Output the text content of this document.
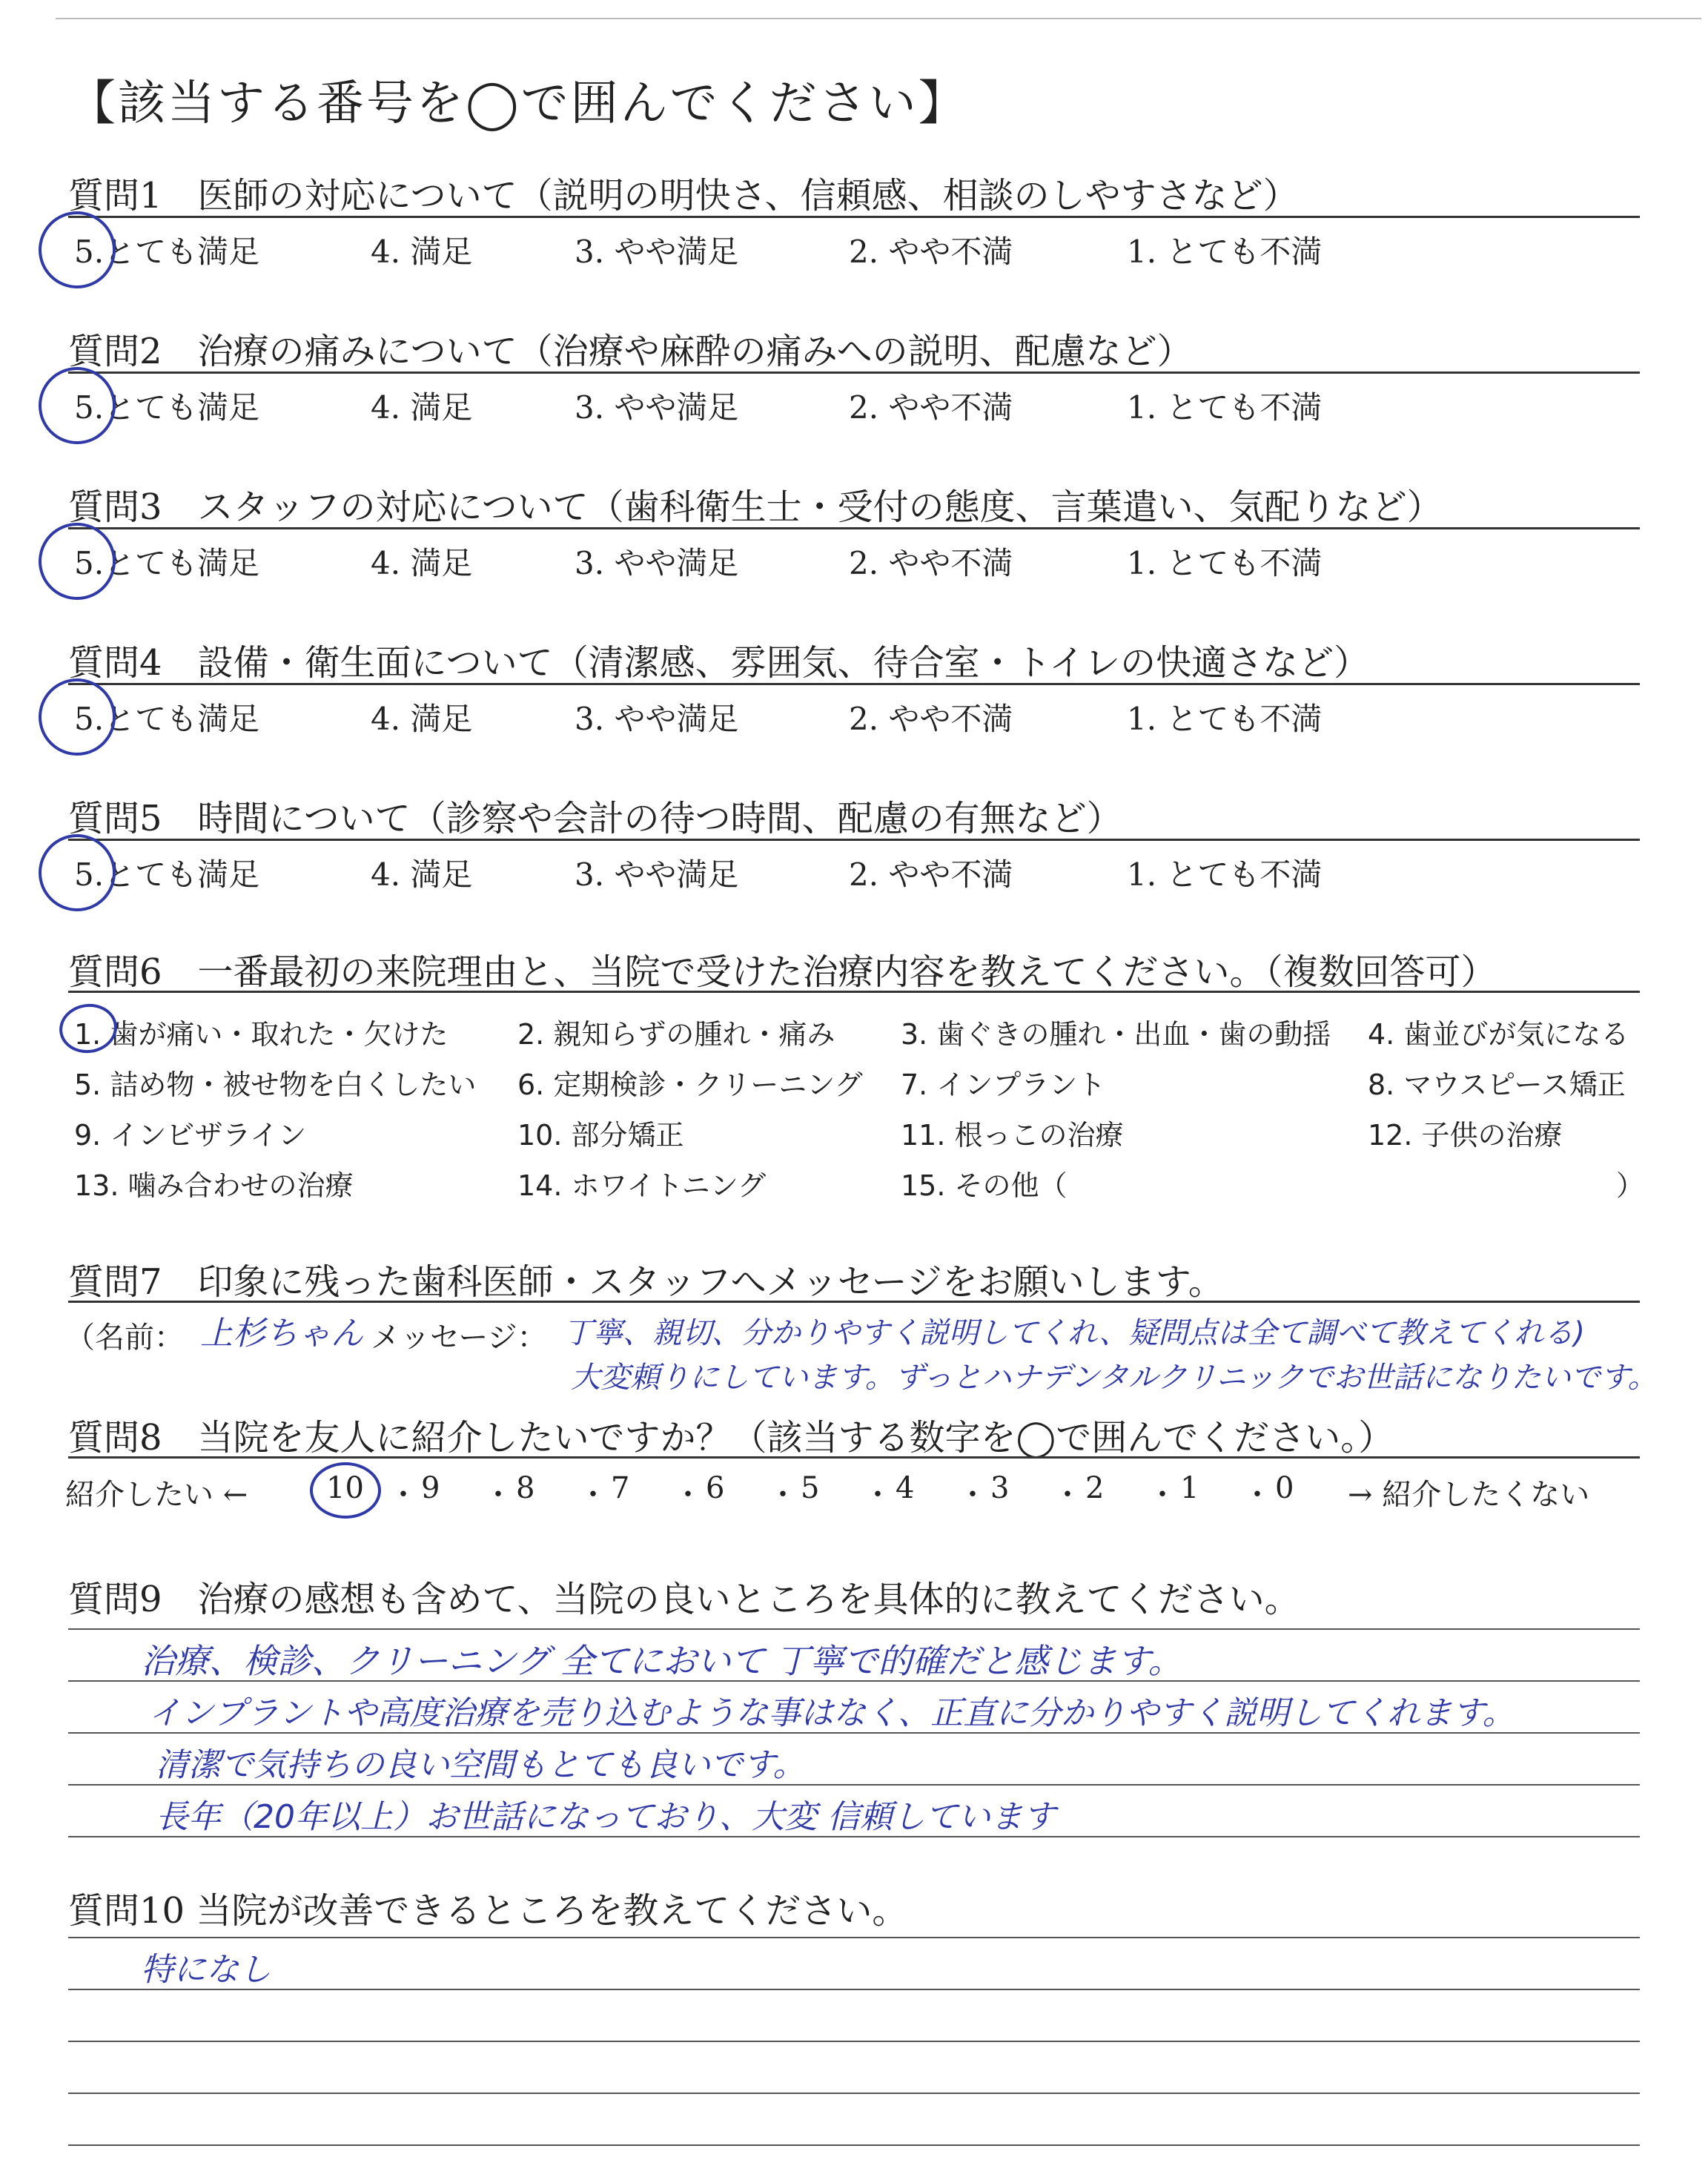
【該当する番号を◯で囲んでください】
質問1　医師の対応について（説明の明快さ、信頼感、相談のしやすさなど）
5.とても満足	4. 満足	3. やや満足	2. やや不満	1. とても不満
質問2　治療の痛みについて（治療や麻酔の痛みへの説明、配慮など）
5.とても満足	4. 満足	3. やや満足	2. やや不満	1. とても不満
質問3　スタッフの対応について（歯科衛生士・受付の態度、言葉遣い、気配りなど）
5.とても満足	4. 満足	3. やや満足	2. やや不満	1. とても不満
質問4　設備・衛生面について（清潔感、雰囲気、待合室・トイレの快適さなど）
5.とても満足	4. 満足	3. やや満足	2. やや不満	1. とても不満
質問5　時間について（診察や会計の待つ時間、配慮の有無など）
5.とても満足	4. 満足	3. やや満足	2. やや不満	1. とても不満
質問6　一番最初の来院理由と、当院で受けた治療内容を教えてください。（複数回答可）
1. 歯が痛い・取れた・欠けた 2. 親知らずの腫れ・痛み 3. 歯ぐきの腫れ・出血・歯の動揺 4. 歯並びが気になる
5. 詰め物・被せ物を白くしたい 6. 定期検診・クリーニング 7. インプラント	8. マウスピース矯正
9. インビザライン	10. 部分矯正	11. 根っこの治療	12. 子供の治療
13. 噛み合わせの治療	14. ホワイトニング	15. その他（	）
質問7　印象に残った歯科医師・スタッフへメッセージをお願いします。
（名前： 上杉ちゃん メッセージ： 丁寧、親切、分かりやすく説明してくれ、疑問点は全て調べて教えてくれる)
大変頼りにしています。ずっとハナデンタルクリニックでお世話になりたいです。
質問8　当院を友人に紹介したいですか？（該当する数字を◯で囲んでください。）
紹介したい ←	10 ・ 9 ・ 8 ・ 7 ・ 6 ・ 5 ・ 4 ・ 3 ・ 2 ・ 1 ・ 0 → 紹介したくない
質問9　治療の感想も含めて、当院の良いところを具体的に教えてください。
治療、検診、クリーニング 全てにおいて 丁寧で的確だと感じます。
インプラントや高度治療を売り込むような事はなく、正直に分かりやすく説明してくれます。
清潔で気持ちの良い空間もとても良いです。
長年（20年以上）お世話になっており、大変 信頼しています
質問10 当院が改善できるところを教えてください。
特になし
